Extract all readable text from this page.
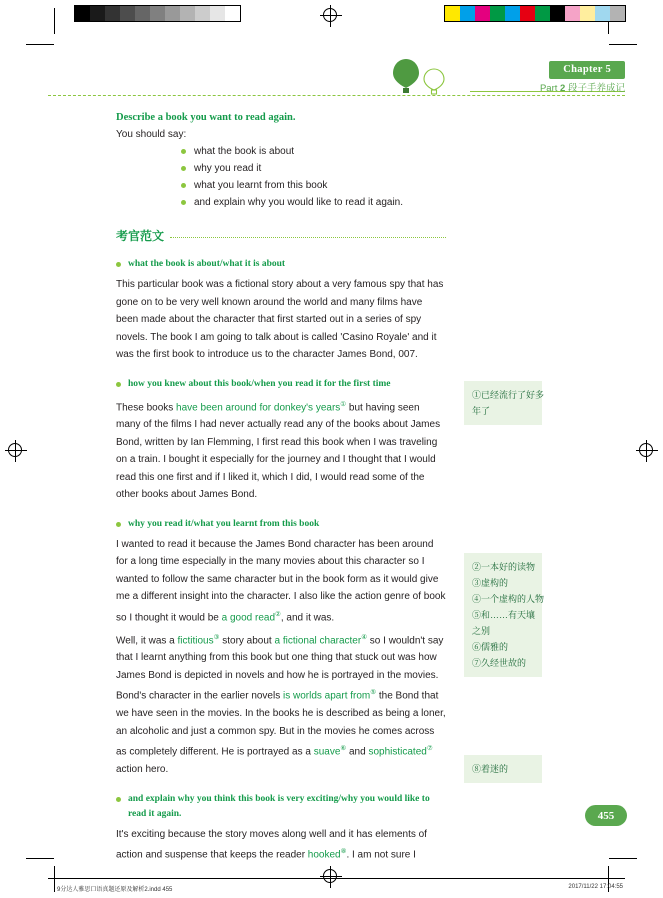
Chapter 5
Part 2 段子手养成记
Describe a book you want to read again.
You should say:
what the book is about
why you read it
what you learnt from this book
and explain why you would like to read it again.
考官范文
what the book is about/what it is about

This particular book was a fictional story about a very famous spy that has gone on to be very well known around the world and many films have been made about the character that first started out in a series of spy novels. The book I am going to talk about is called 'Casino Royale' and it was the first book to introduce us to the character James Bond, 007.

how you knew about this book/when you read it for the first time

These books have been around for donkey's years① but having seen many of the films I had never actually read any of the books about James Bond, written by Ian Flemming, I first read this book when I was traveling on a train. I bought it especially for the journey and I thought that I would read this one first and if I liked it, which I did, I would read some of the other books about James Bond.

why you read it/what you learnt from this book

I wanted to read it because the James Bond character has been around for a long time especially in the many movies about this character so I wanted to follow the same character but in the book form as it would give me a different insight into the character. I also like the action genre of book so I thought it would be a good read②, and it was.

Well, it was a fictitious③ story about a fictional character④ so I wouldn't say that I learnt anything from this book but one thing that stuck out was how James Bond is depicted in novels and how he is portrayed in the movies. Bond's character in the earlier novels is worlds apart from⑤ the Bond that we have seen in the movies. In the books he is described as being a loner, an alcoholic and just a common spy. But in the movies he comes across as completely different. He is portrayed as a suave⑥ and sophisticated⑦ action hero.

and explain why you think this book is very exciting/why you would like to read it again.

It's exciting because the story moves along well and it has elements of action and suspense that keeps the reader hooked⑧. I am not sure I

①已经流行了好多
年了
②一本好的读物
③虚构的
④一个虚构的人物
⑤和……有天壤
之别
⑥儒雅的
⑦久经世故的
⑧着迷的
455
9分达人雅思口语真题还原及解析2.indd 455	2017/11/22 17:04:55
